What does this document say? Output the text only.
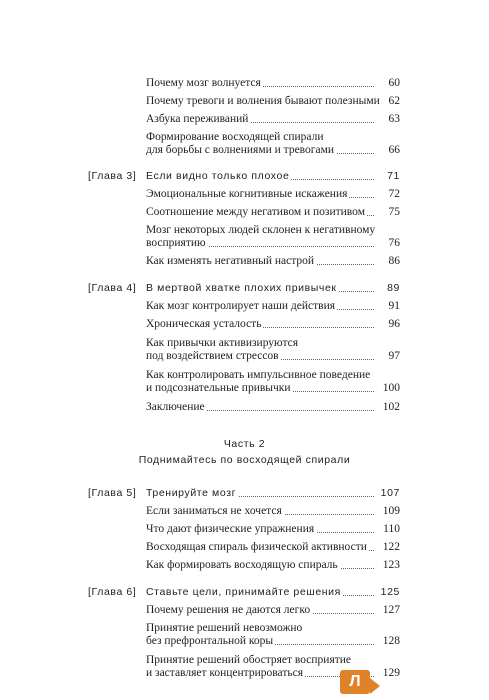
Почему мозг волнуется	60
Почему тревоги и волнения бывают полезными 62
Азбука переживаний	63
Формирование восходящей спирали
для борьбы с волнениями и тревогами	66
[Глава 3] Если видно только плохое	71
Эмоциональные когнитивные искажения	72
Соотношение между негативом и позитивом 75
Мозг некоторых людей склонен к негативному
восприятию	76
Как изменять негативный настрой	86
[Глава 4] В мертвой хватке плохих привычек	89
Как мозг контролирует наши действия	91
Хроническая усталость	96
Как привычки активизируются
под воздействием стрессов	97
Как контролировать импульсивное поведение
и подсознательные привычки	100
Заключение	102
Часть 2
Поднимайтесь по восходящей спирали
[Глава 5] Тренируйте мозг	107
Если заниматься не хочется	109
Что дают физические упражнения	110
Восходящая спираль физической активности 122
Как формировать восходящую спираль	123
[Глава 6] Ставьте цели, принимайте решения	125
Почему решения не даются легко	127
Принятие решений невозможно
без префронтальной коры	128
Принятие решений обостряет восприятие
и заставляет концентрироваться	129
Л
